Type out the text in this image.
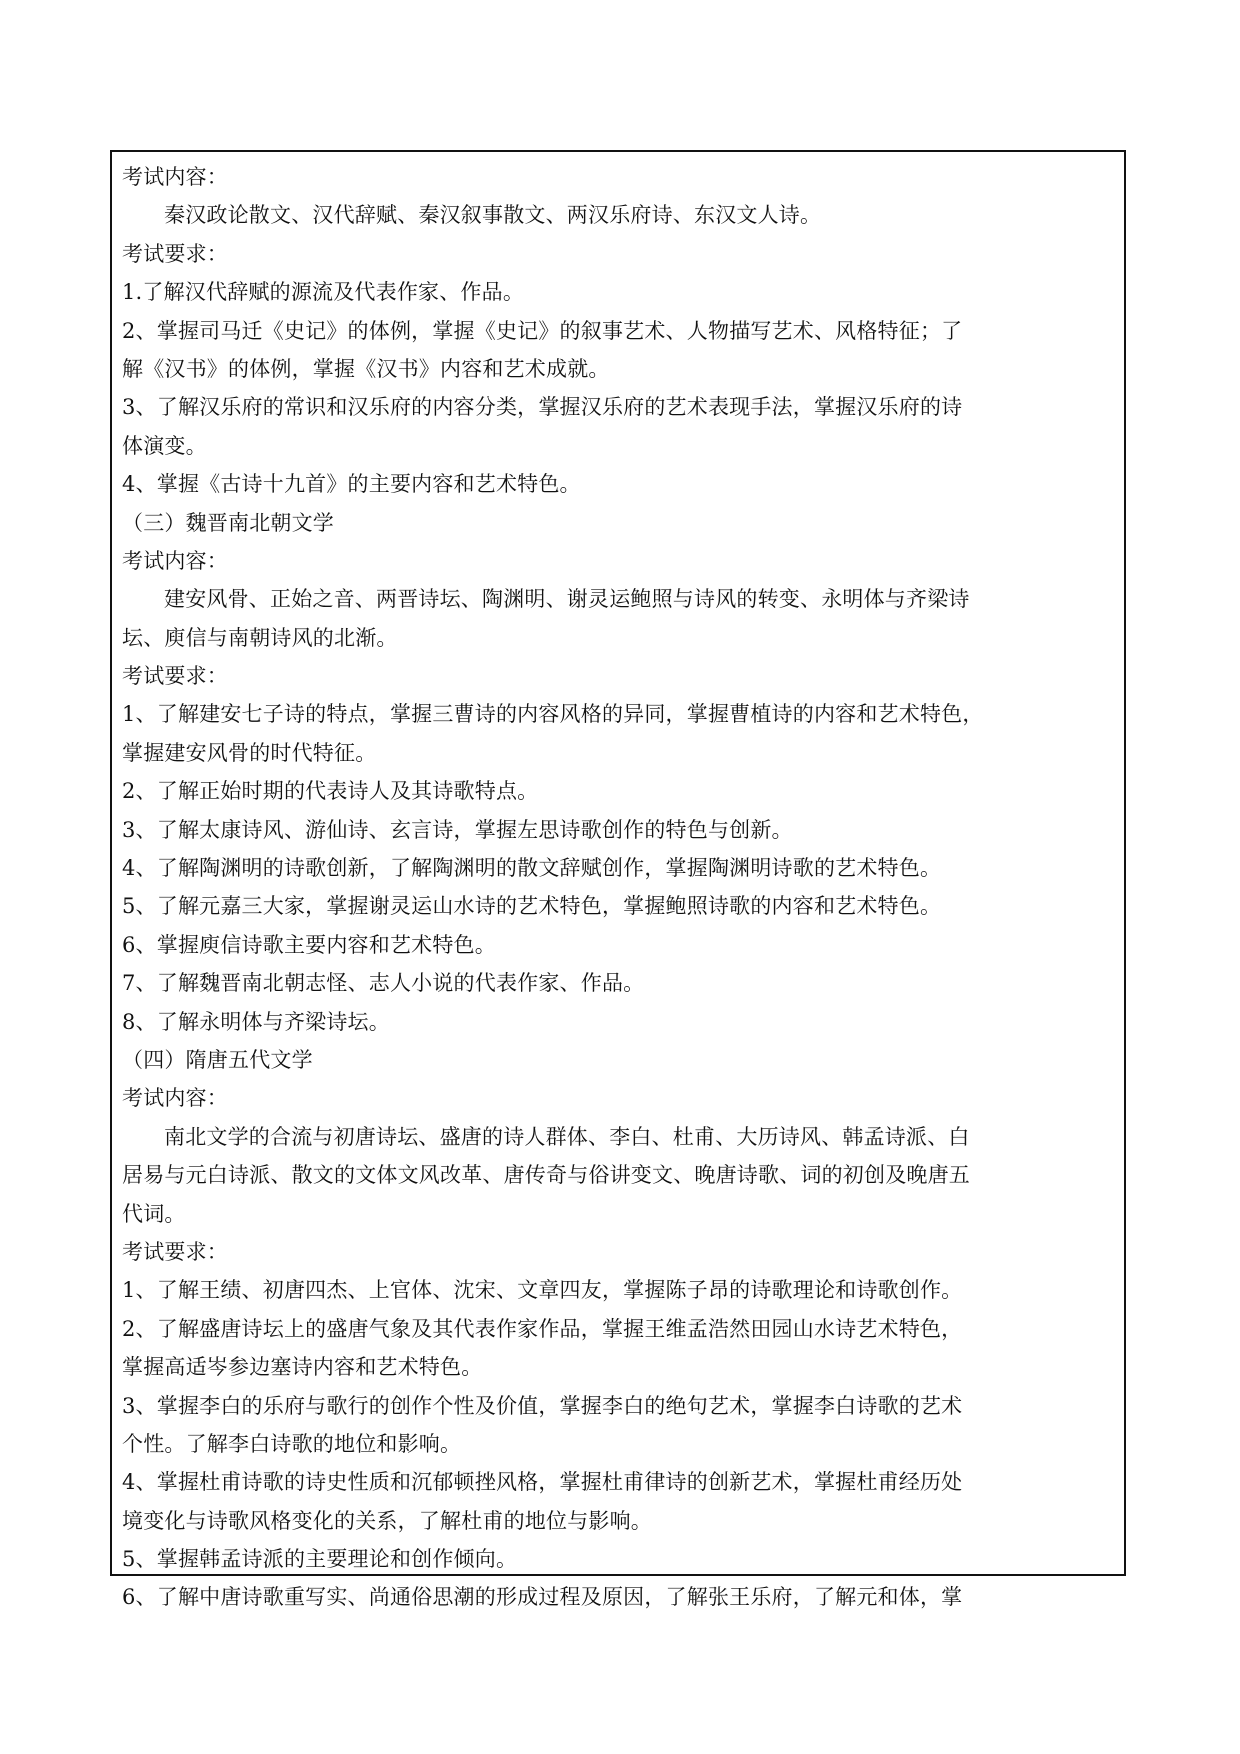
考试内容：
秦汉政论散文、汉代辞赋、秦汉叙事散文、两汉乐府诗、东汉文人诗。
考试要求：
1.了解汉代辞赋的源流及代表作家、作品。
2、掌握司马迁《史记》的体例，掌握《史记》的叙事艺术、人物描写艺术、风格特征；了
解《汉书》的体例，掌握《汉书》内容和艺术成就。
3、了解汉乐府的常识和汉乐府的内容分类，掌握汉乐府的艺术表现手法，掌握汉乐府的诗
体演变。
4、掌握《古诗十九首》的主要内容和艺术特色。
（三）魏晋南北朝文学
考试内容：
建安风骨、正始之音、两晋诗坛、陶渊明、谢灵运鲍照与诗风的转变、永明体与齐梁诗
坛、庾信与南朝诗风的北渐。
考试要求：
1、了解建安七子诗的特点，掌握三曹诗的内容风格的异同，掌握曹植诗的内容和艺术特色，
掌握建安风骨的时代特征。
2、了解正始时期的代表诗人及其诗歌特点。
3、了解太康诗风、游仙诗、玄言诗，掌握左思诗歌创作的特色与创新。
4、了解陶渊明的诗歌创新，了解陶渊明的散文辞赋创作，掌握陶渊明诗歌的艺术特色。
5、了解元嘉三大家，掌握谢灵运山水诗的艺术特色，掌握鲍照诗歌的内容和艺术特色。
6、掌握庾信诗歌主要内容和艺术特色。
7、了解魏晋南北朝志怪、志人小说的代表作家、作品。
8、了解永明体与齐梁诗坛。
（四）隋唐五代文学
考试内容：
南北文学的合流与初唐诗坛、盛唐的诗人群体、李白、杜甫、大历诗风、韩孟诗派、白
居易与元白诗派、散文的文体文风改革、唐传奇与俗讲变文、晚唐诗歌、词的初创及晚唐五
代词。
考试要求：
1、了解王绩、初唐四杰、上官体、沈宋、文章四友，掌握陈子昂的诗歌理论和诗歌创作。
2、了解盛唐诗坛上的盛唐气象及其代表作家作品，掌握王维孟浩然田园山水诗艺术特色，
掌握高适岑参边塞诗内容和艺术特色。
3、掌握李白的乐府与歌行的创作个性及价值，掌握李白的绝句艺术，掌握李白诗歌的艺术
个性。了解李白诗歌的地位和影响。
4、掌握杜甫诗歌的诗史性质和沉郁顿挫风格，掌握杜甫律诗的创新艺术，掌握杜甫经历处
境变化与诗歌风格变化的关系，了解杜甫的地位与影响。
5、掌握韩孟诗派的主要理论和创作倾向。
6、了解中唐诗歌重写实、尚通俗思潮的形成过程及原因，了解张王乐府，了解元和体，掌
